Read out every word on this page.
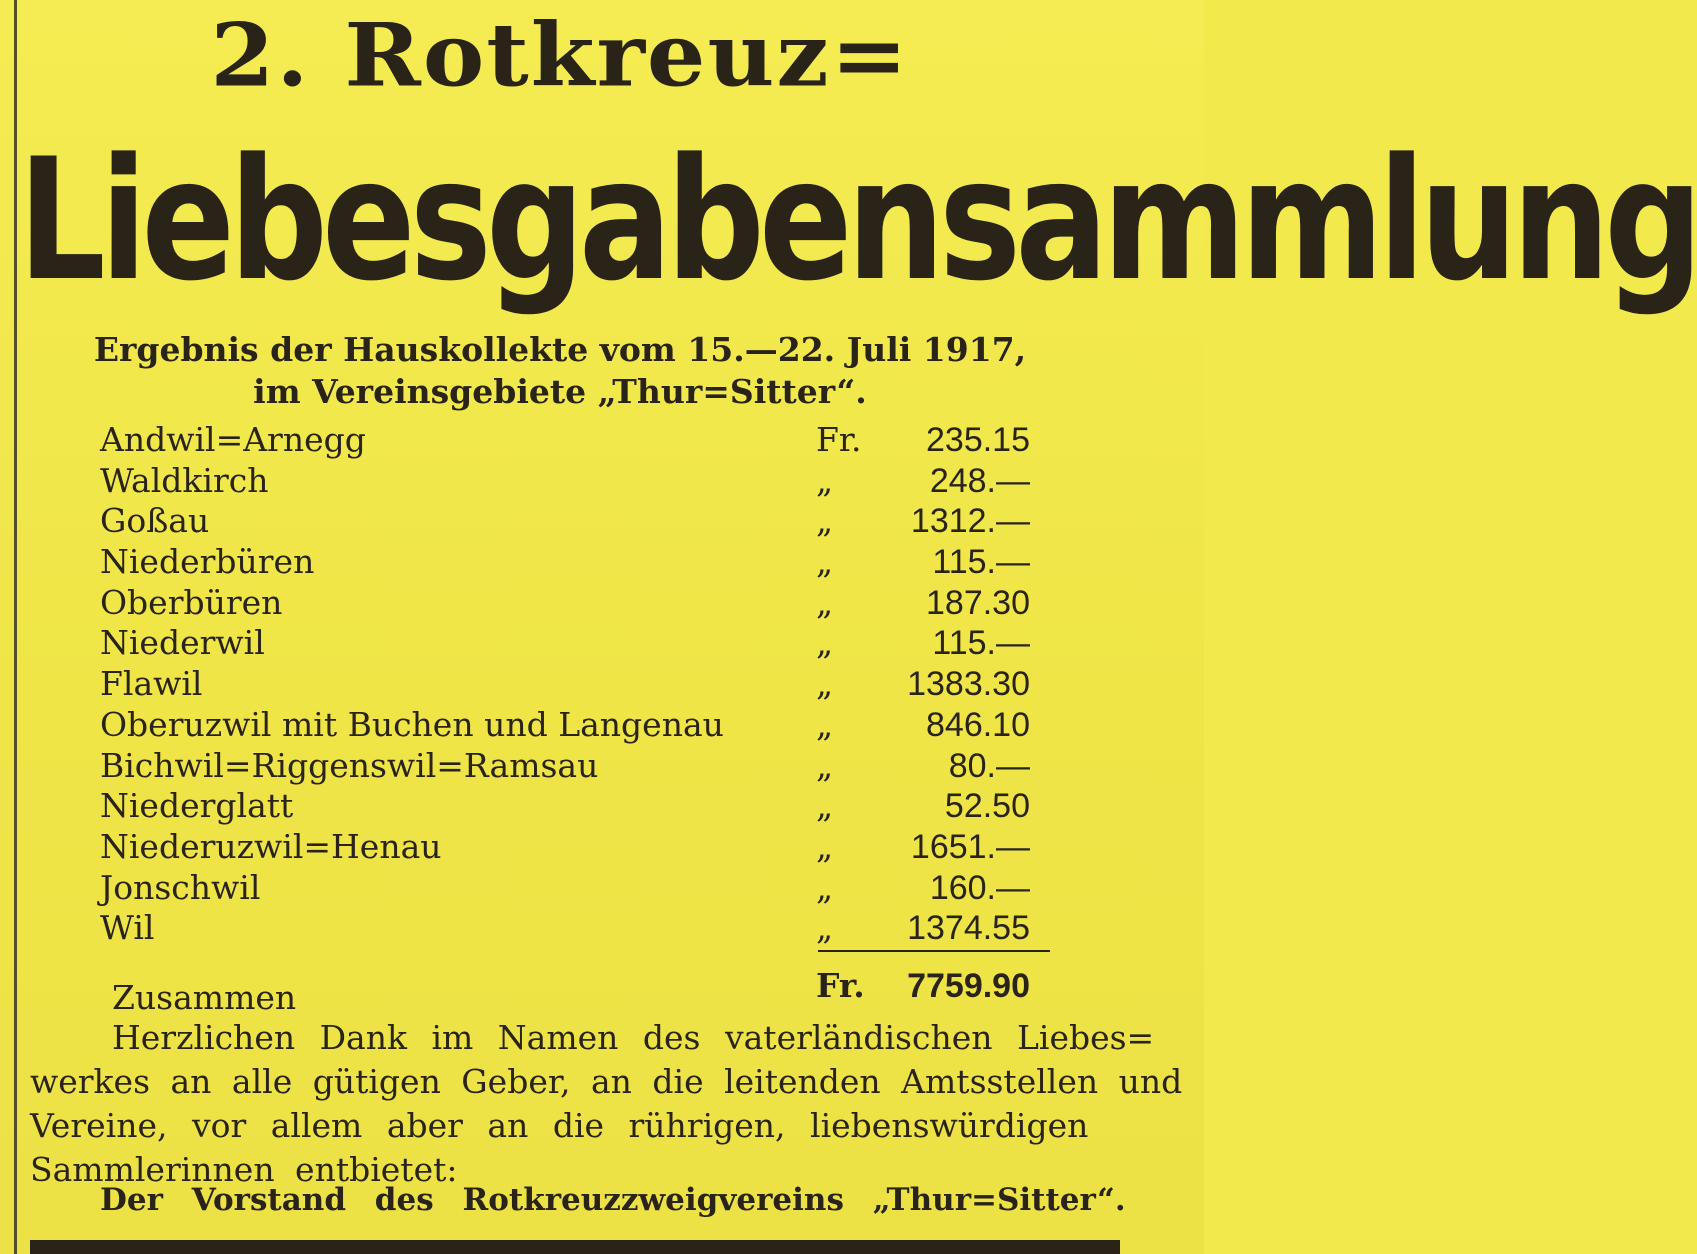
2. Rotkreuz=
Liebesgabensammlung
Ergebnis der Hauskollekte vom 15.—22. Juli 1917,
im Vereinsgebiete „Thur=Sitter“.
Andwil=Arnegg	Fr.	235.15
Waldkirch	„	248.—
Goßau	„	1312.—
Niederbüren	„	115.—
Oberbüren	„	187.30
Niederwil	„	115.—
Flawil	„	1383.30
Oberuzwil mit Buchen und Langenau	„	846.10
Bichwil=Riggenswil=Ramsau	„	80.—
Niederglatt	„	52.50
Niederuzwil=Henau	„	1651.—
Jonschwil	„	160.—
Wil	„	1374.55
Zusammen	Fr.	7759.90
Herzlichen Dank im Namen des vaterländischen Liebes=
werkes an alle gütigen Geber, an die leitenden Amtsstellen und
Vereine, vor allem aber an die rührigen, liebenswürdigen
Sammlerinnen entbietet:
Der Vorstand des Rotkreuzzweigvereins „Thur=Sitter“.
